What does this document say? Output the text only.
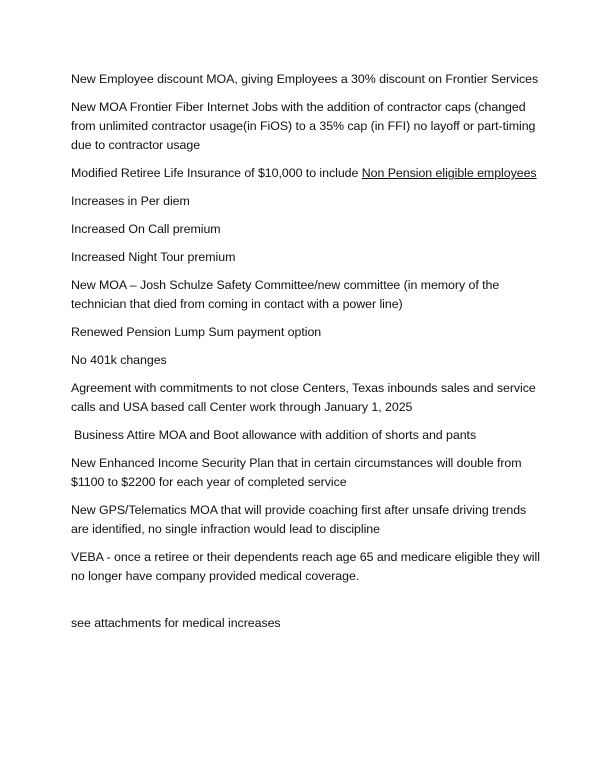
New Employee discount MOA, giving Employees a 30% discount on Frontier Services

New MOA Frontier Fiber Internet Jobs with the addition of contractor caps (changed from unlimited contractor usage(in FiOS) to a 35% cap (in FFI) no layoff or part-timing due to contractor usage

Modified Retiree Life Insurance of $10,000 to include Non Pension eligible employees

Increases in Per diem

Increased On Call premium

Increased Night Tour premium

New MOA – Josh Schulze Safety Committee/new committee (in memory of the technician that died from coming in contact with a power line)

Renewed Pension Lump Sum payment option

No 401k changes

Agreement with commitments to not close Centers, Texas inbounds sales and service calls and USA based call Center work through January 1, 2025

Business Attire MOA and Boot allowance with addition of shorts and pants

New Enhanced Income Security Plan that in certain circumstances will double from $1100 to $2200 for each year of completed service

New GPS/Telematics MOA that will provide coaching first after unsafe driving trends are identified, no single infraction would lead to discipline

VEBA - once a retiree or their dependents reach age 65 and medicare eligible they will no longer have company provided medical coverage.

see attachments for medical increases
